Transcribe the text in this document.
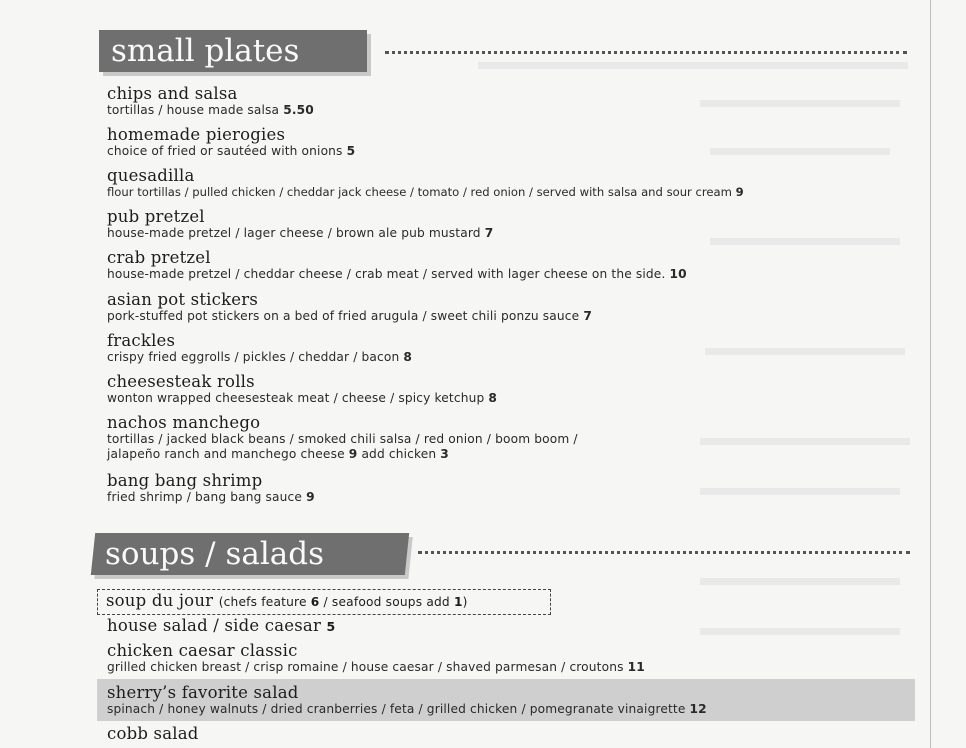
small plates
chips and salsa
tortillas / house made salsa 5.50
homemade pierogies
choice of fried or sautéed with onions 5
quesadilla
flour tortillas / pulled chicken / cheddar jack cheese / tomato / red onion / served with salsa and sour cream 9
pub pretzel
house-made pretzel / lager cheese / brown ale pub mustard 7
crab pretzel
house-made pretzel / cheddar cheese / crab meat / served with lager cheese on the side. 10
asian pot stickers
pork-stuffed pot stickers on a bed of fried arugula / sweet chili ponzu sauce 7
frackles
crispy fried eggrolls / pickles / cheddar / bacon 8
cheesesteak rolls
wonton wrapped cheesesteak meat / cheese / spicy ketchup 8
nachos manchego
tortillas / jacked black beans / smoked chili salsa / red onion / boom boom /
jalapeño ranch and manchego cheese 9 add chicken 3
bang bang shrimp
fried shrimp / bang bang sauce 9
soups / salads
soup du jour (chefs feature 6 / seafood soups add 1)
house salad / side caesar 5
chicken caesar classic
grilled chicken breast / crisp romaine / house caesar / shaved parmesan / croutons 11
sherry’s favorite salad
spinach / honey walnuts / dried cranberries / feta / grilled chicken / pomegranate vinaigrette 12
cobb salad
